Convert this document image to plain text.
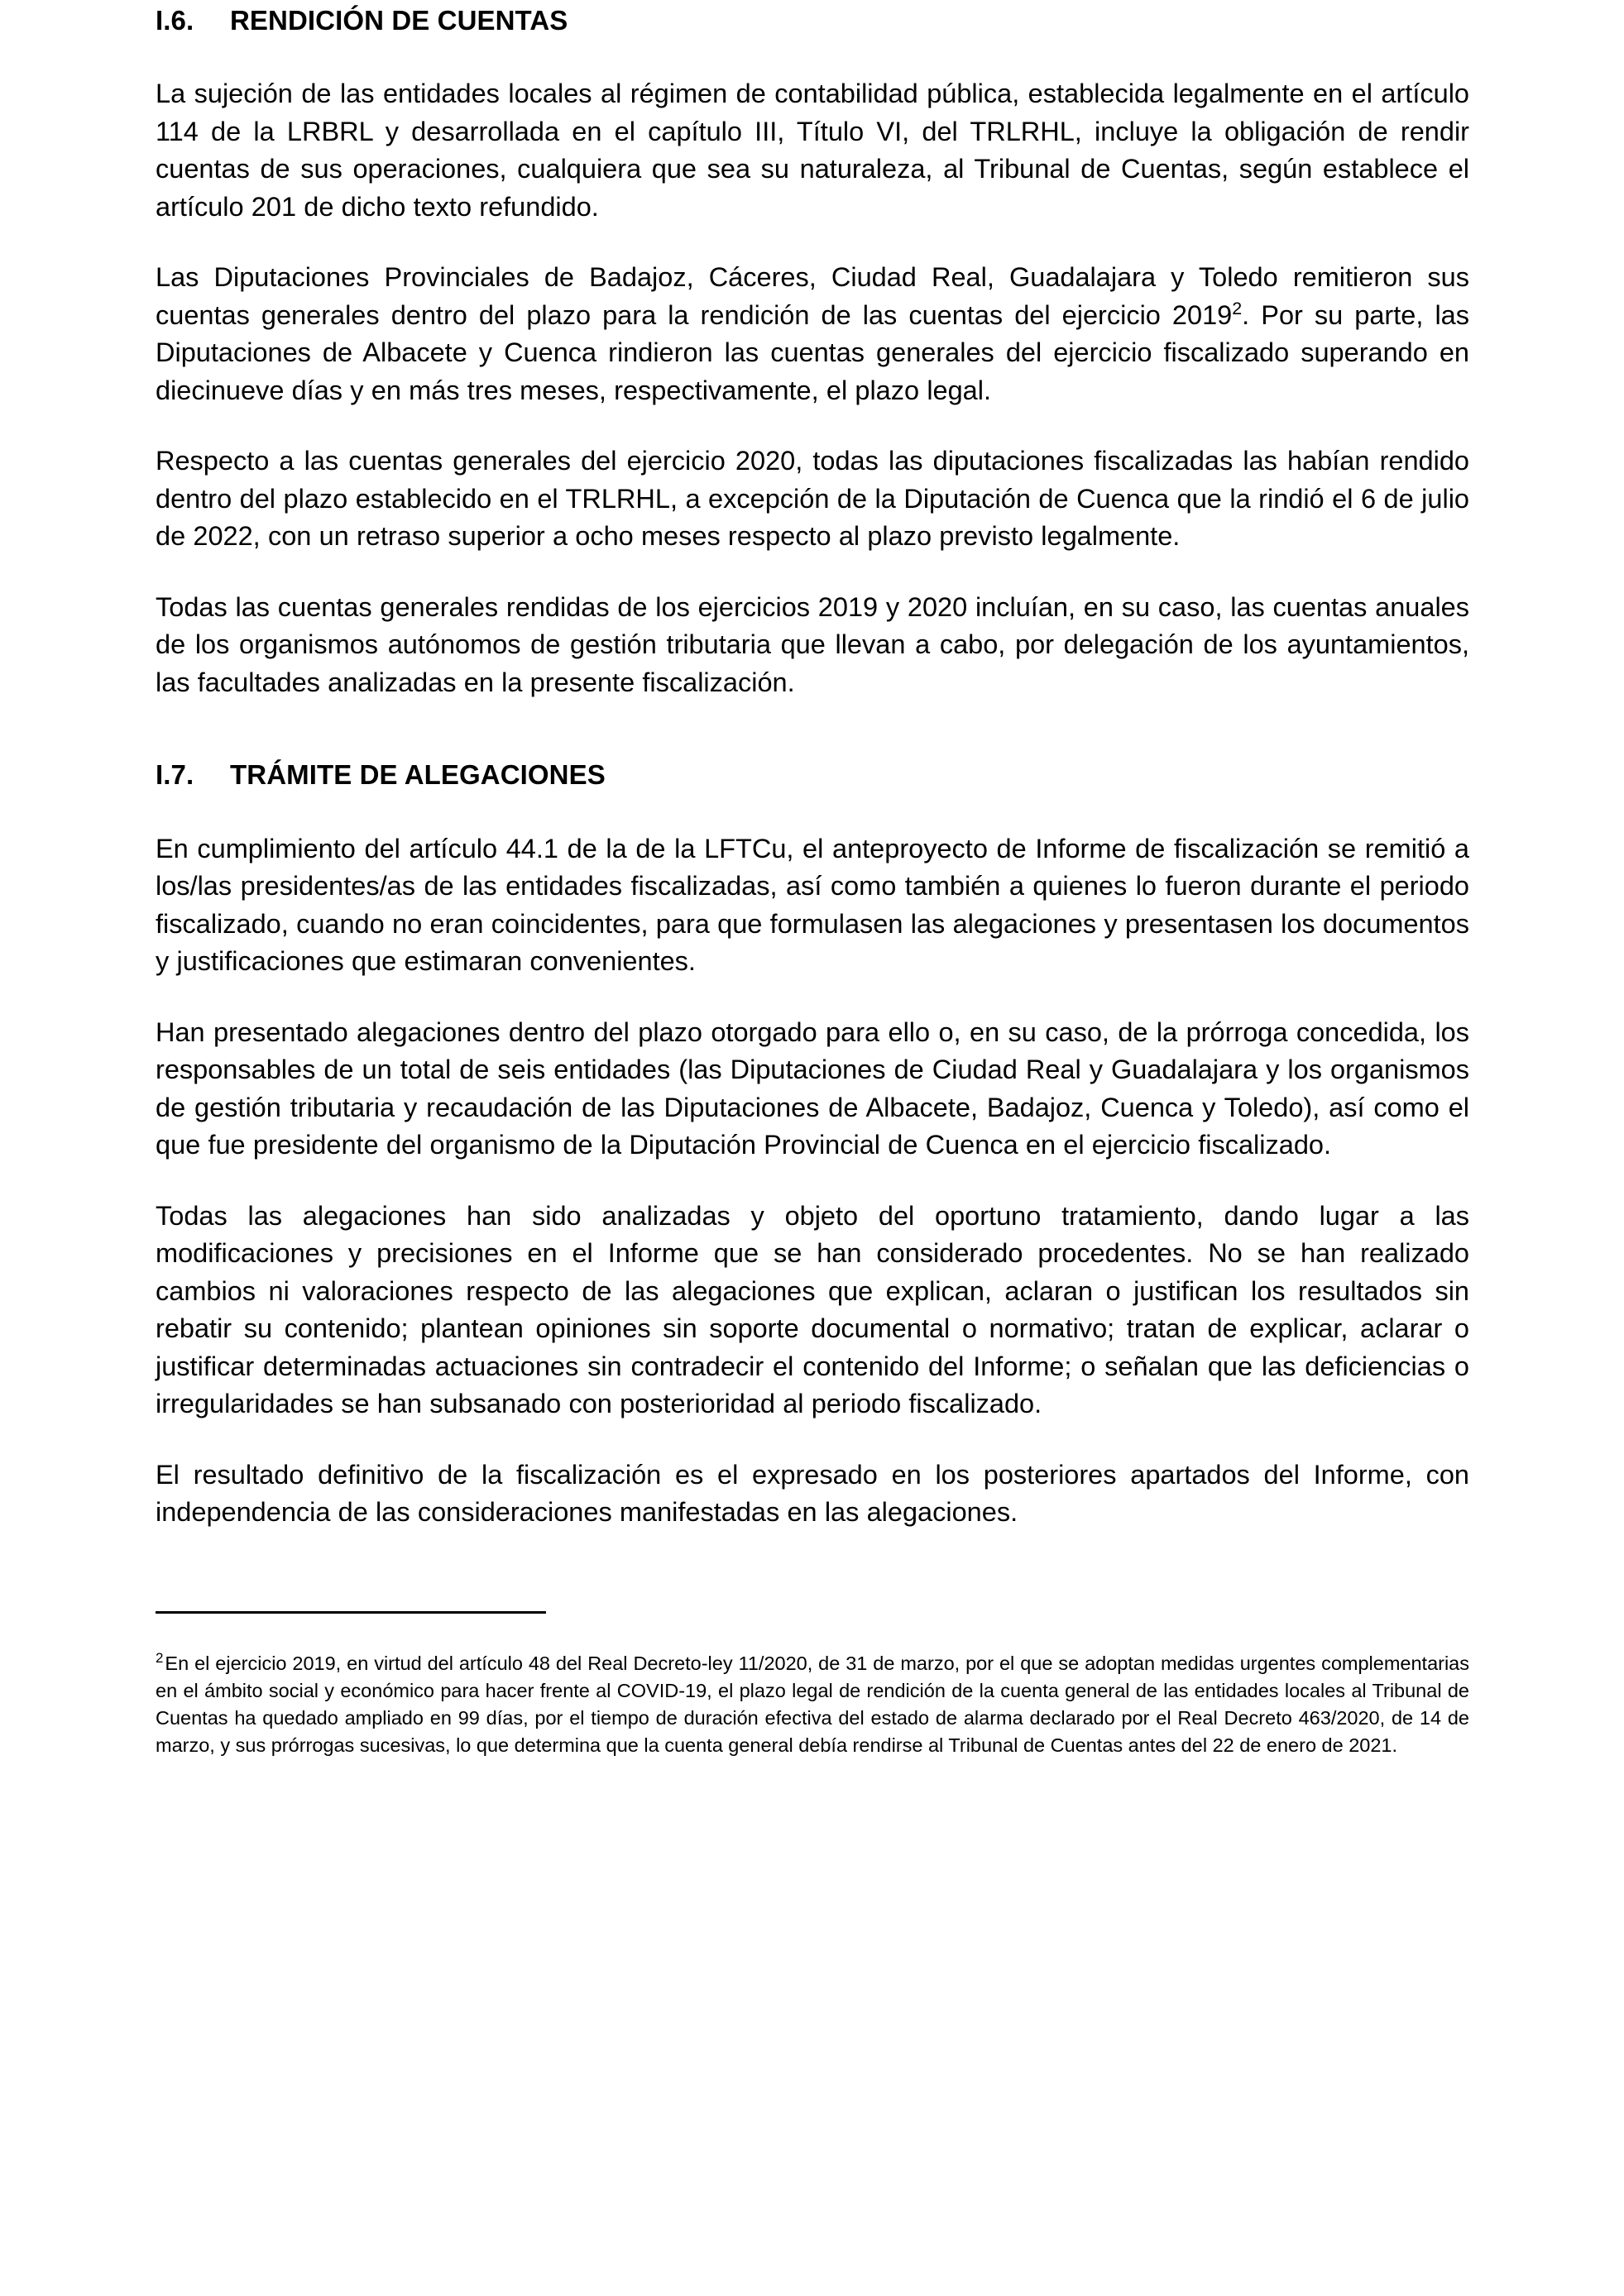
I.6.	RENDICIÓN DE CUENTAS

La sujeción de las entidades locales al régimen de contabilidad pública, establecida legalmente en el artículo 114 de la LRBRL y desarrollada en el capítulo III, Título VI, del TRLRHL, incluye la obligación de rendir cuentas de sus operaciones, cualquiera que sea su naturaleza, al Tribunal de Cuentas, según establece el artículo 201 de dicho texto refundido.

Las Diputaciones Provinciales de Badajoz, Cáceres, Ciudad Real, Guadalajara y Toledo remitieron sus cuentas generales dentro del plazo para la rendición de las cuentas del ejercicio 2019$^2$. Por su parte, las Diputaciones de Albacete y Cuenca rindieron las cuentas generales del ejercicio fiscalizado superando en diecinueve días y en más tres meses, respectivamente, el plazo legal.

Respecto a las cuentas generales del ejercicio 2020, todas las diputaciones fiscalizadas las habían rendido dentro del plazo establecido en el TRLRHL, a excepción de la Diputación de Cuenca que la rindió el 6 de julio de 2022, con un retraso superior a ocho meses respecto al plazo previsto legalmente.

Todas las cuentas generales rendidas de los ejercicios 2019 y 2020 incluían, en su caso, las cuentas anuales de los organismos autónomos de gestión tributaria que llevan a cabo, por delegación de los ayuntamientos, las facultades analizadas en la presente fiscalización.

I.7.	TRÁMITE DE ALEGACIONES

En cumplimiento del artículo 44.1 de la de la LFTCu, el anteproyecto de Informe de fiscalización se remitió a los/las presidentes/as de las entidades fiscalizadas, así como también a quienes lo fueron durante el periodo fiscalizado, cuando no eran coincidentes, para que formulasen las alegaciones y presentasen los documentos y justificaciones que estimaran convenientes.

Han presentado alegaciones dentro del plazo otorgado para ello o, en su caso, de la prórroga concedida, los responsables de un total de seis entidades (las Diputaciones de Ciudad Real y Guadalajara y los organismos de gestión tributaria y recaudación de las Diputaciones de Albacete, Badajoz, Cuenca y Toledo), así como el que fue presidente del organismo de la Diputación Provincial de Cuenca en el ejercicio fiscalizado.

Todas las alegaciones han sido analizadas y objeto del oportuno tratamiento, dando lugar a las modificaciones y precisiones en el Informe que se han considerado procedentes. No se han realizado cambios ni valoraciones respecto de las alegaciones que explican, aclaran o justifican los resultados sin rebatir su contenido; plantean opiniones sin soporte documental o normativo; tratan de explicar, aclarar o justificar determinadas actuaciones sin contradecir el contenido del Informe; o señalan que las deficiencias o irregularidades se han subsanado con posterioridad al periodo fiscalizado.

El resultado definitivo de la fiscalización es el expresado en los posteriores apartados del Informe, con independencia de las consideraciones manifestadas en las alegaciones.

$^2$En el ejercicio 2019, en virtud del artículo 48 del Real Decreto-ley 11/2020, de 31 de marzo, por el que se adoptan medidas urgentes complementarias en el ámbito social y económico para hacer frente al COVID-19, el plazo legal de rendición de la cuenta general de las entidades locales al Tribunal de Cuentas ha quedado ampliado en 99 días, por el tiempo de duración efectiva del estado de alarma declarado por el Real Decreto 463/2020, de 14 de marzo, y sus prórrogas sucesivas, lo que determina que la cuenta general debía rendirse al Tribunal de Cuentas antes del 22 de enero de 2021.
